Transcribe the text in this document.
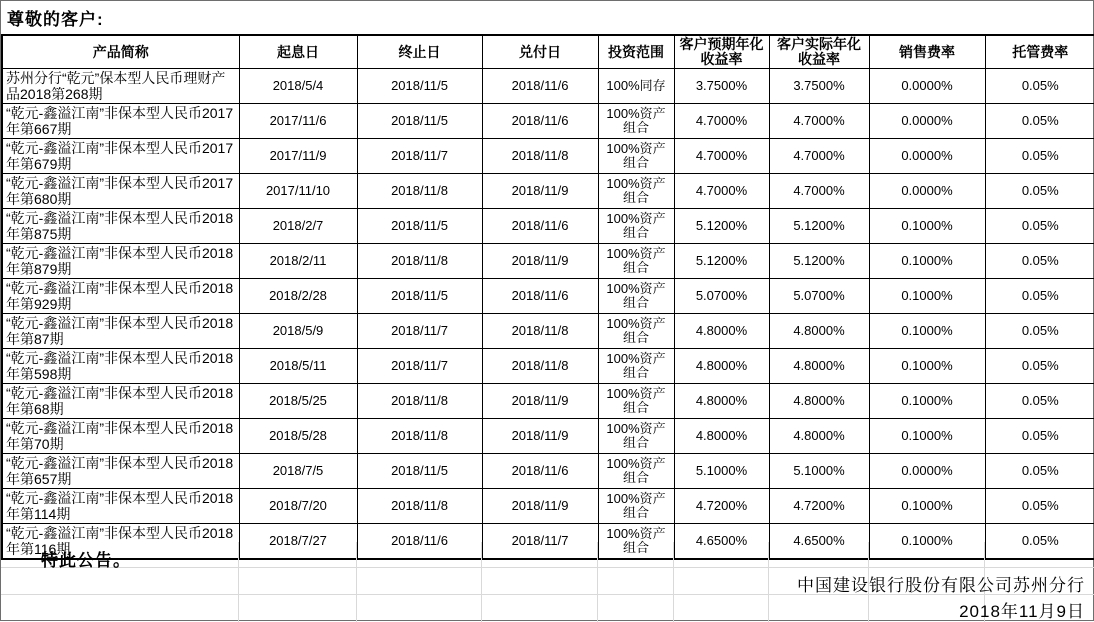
尊敬的客户:
产品简称	起息日	终止日	兑付日	投资范围	客户预期年化收益率	客户实际年化收益率	销售费率	托管费率
苏州分行“乾元”保本型人民币理财产品2018第268期	2018/5/4	2018/11/5	2018/11/6	100%同存	3.7500%	3.7500%	0.0000%	0.05%
“乾元-鑫溢江南”非保本型人民币2017年第667期	2017/11/6	2018/11/5	2018/11/6	100%资产组合	4.7000%	4.7000%	0.0000%	0.05%
“乾元-鑫溢江南”非保本型人民币2017年第679期	2017/11/9	2018/11/7	2018/11/8	100%资产组合	4.7000%	4.7000%	0.0000%	0.05%
“乾元-鑫溢江南”非保本型人民币2017年第680期	2017/11/10	2018/11/8	2018/11/9	100%资产组合	4.7000%	4.7000%	0.0000%	0.05%
“乾元-鑫溢江南”非保本型人民币2018年第875期	2018/2/7	2018/11/5	2018/11/6	100%资产组合	5.1200%	5.1200%	0.1000%	0.05%
“乾元-鑫溢江南”非保本型人民币2018年第879期	2018/2/11	2018/11/8	2018/11/9	100%资产组合	5.1200%	5.1200%	0.1000%	0.05%
“乾元-鑫溢江南”非保本型人民币2018年第929期	2018/2/28	2018/11/5	2018/11/6	100%资产组合	5.0700%	5.0700%	0.1000%	0.05%
“乾元-鑫溢江南”非保本型人民币2018年第87期	2018/5/9	2018/11/7	2018/11/8	100%资产组合	4.8000%	4.8000%	0.1000%	0.05%
“乾元-鑫溢江南”非保本型人民币2018年第598期	2018/5/11	2018/11/7	2018/11/8	100%资产组合	4.8000%	4.8000%	0.1000%	0.05%
“乾元-鑫溢江南”非保本型人民币2018年第68期	2018/5/25	2018/11/8	2018/11/9	100%资产组合	4.8000%	4.8000%	0.1000%	0.05%
“乾元-鑫溢江南”非保本型人民币2018年第70期	2018/5/28	2018/11/8	2018/11/9	100%资产组合	4.8000%	4.8000%	0.1000%	0.05%
“乾元-鑫溢江南”非保本型人民币2018年第657期	2018/7/5	2018/11/5	2018/11/6	100%资产组合	5.1000%	5.1000%	0.0000%	0.05%
“乾元-鑫溢江南”非保本型人民币2018年第114期	2018/7/20	2018/11/8	2018/11/9	100%资产组合	4.7200%	4.7200%	0.1000%	0.05%
“乾元-鑫溢江南”非保本型人民币2018年第116期	2018/7/27	2018/11/6	2018/11/7	100%资产组合	4.6500%	4.6500%	0.1000%	0.05%
特此公告。
中国建设银行股份有限公司苏州分行
2018年11月9日
